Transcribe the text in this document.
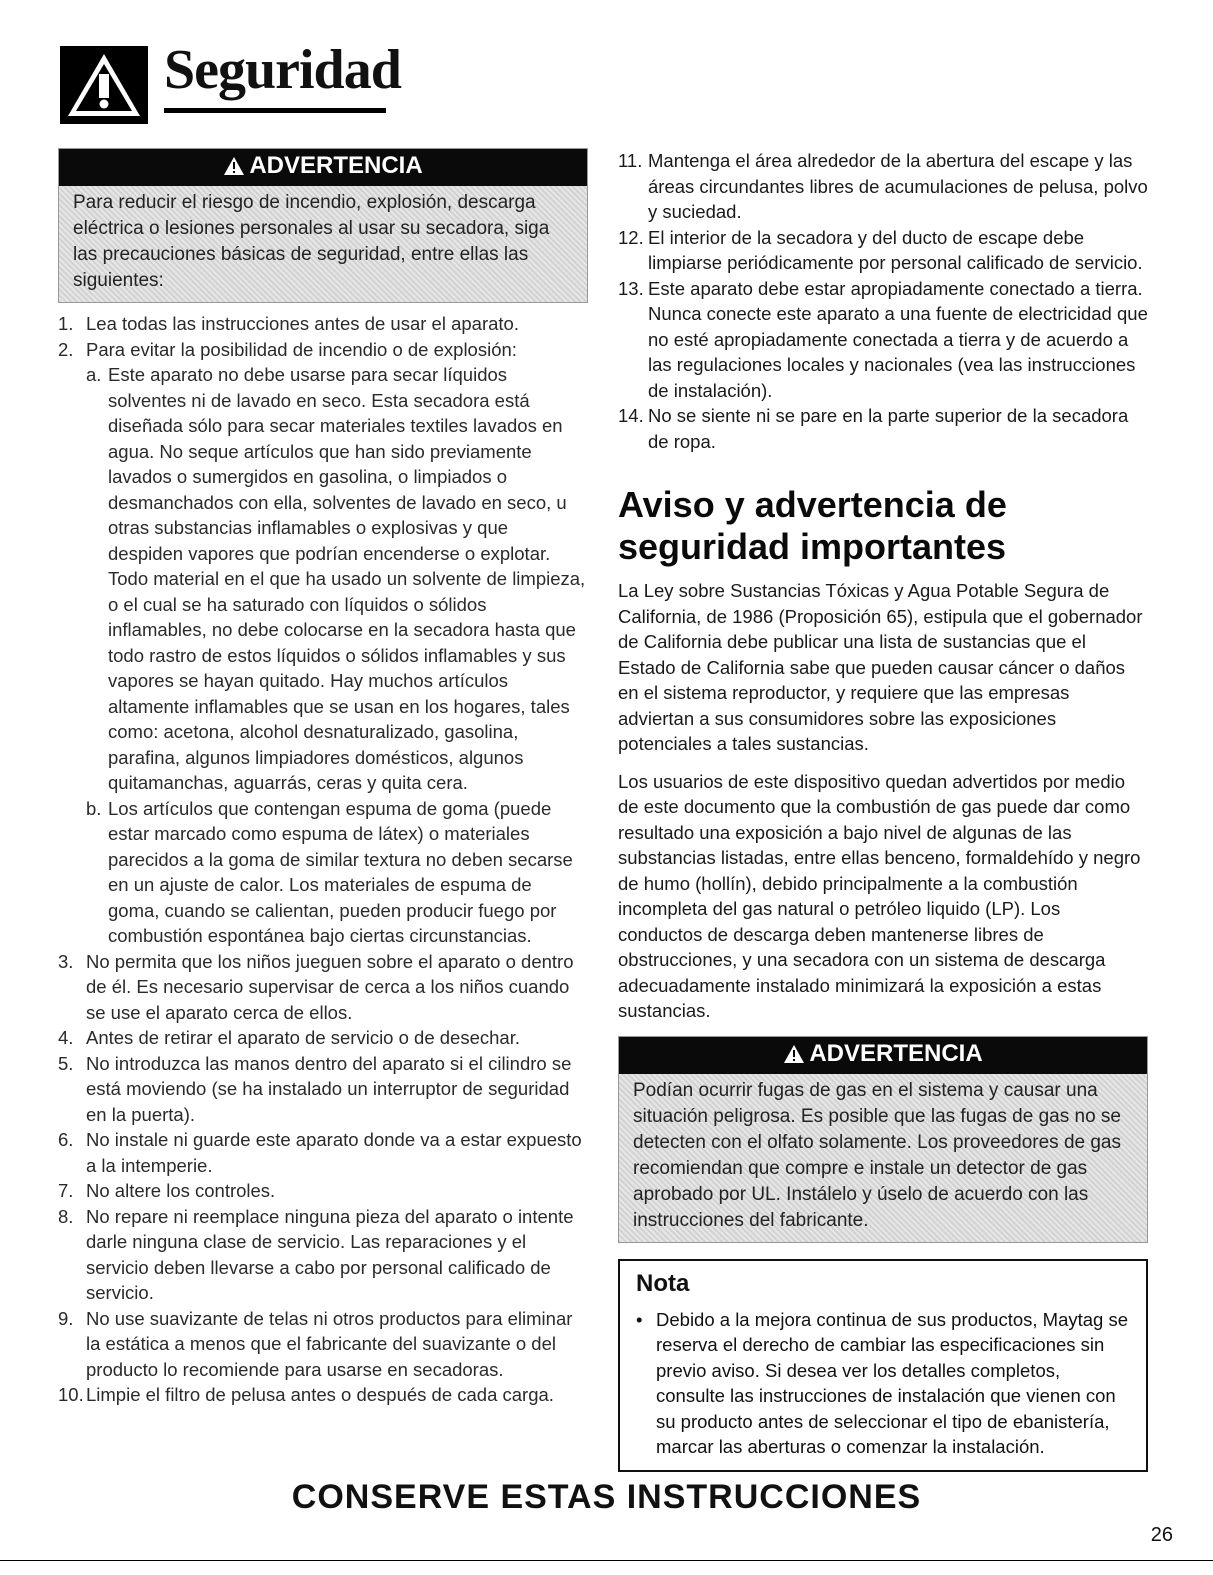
Seguridad
ADVERTENCIA
Para reducir el riesgo de incendio, explosión, descarga eléctrica o lesiones personales al usar su secadora, siga las precauciones básicas de seguridad, entre ellas las siguientes:
1. Lea todas las instrucciones antes de usar el aparato.
2. Para evitar la posibilidad de incendio o de explosión:
a. Este aparato no debe usarse para secar líquidos solventes ni de lavado en seco. Esta secadora está diseñada sólo para secar materiales textiles lavados en agua. No seque artículos que han sido previamente lavados o sumergidos en gasolina, o limpiados o desmanchados con ella, solventes de lavado en seco, u otras substancias inflamables o explosivas y que despiden vapores que podrían encenderse o explotar. Todo material en el que ha usado un solvente de limpieza, o el cual se ha saturado con líquidos o sólidos inflamables, no debe colocarse en la secadora hasta que todo rastro de estos líquidos o sólidos inflamables y sus vapores se hayan quitado. Hay muchos artículos altamente inflamables que se usan en los hogares, tales como: acetona, alcohol desnaturalizado, gasolina, parafina, algunos limpiadores domésticos, algunos quitamanchas, aguarrás, ceras y quita cera.
b. Los artículos que contengan espuma de goma (puede estar marcado como espuma de látex) o materiales parecidos a la goma de similar textura no deben secarse en un ajuste de calor. Los materiales de espuma de goma, cuando se calientan, pueden producir fuego por combustión espontánea bajo ciertas circunstancias.
3. No permita que los niños jueguen sobre el aparato o dentro de él. Es necesario supervisar de cerca a los niños cuando se use el aparato cerca de ellos.
4. Antes de retirar el aparato de servicio o de desechar.
5. No introduzca las manos dentro del aparato si el cilindro se está moviendo (se ha instalado un interruptor de seguridad en la puerta).
6. No instale ni guarde este aparato donde va a estar expuesto a la intemperie.
7. No altere los controles.
8. No repare ni reemplace ninguna pieza del aparato o intente darle ninguna clase de servicio. Las reparaciones y el servicio deben llevarse a cabo por personal calificado de servicio.
9. No use suavizante de telas ni otros productos para eliminar la estática a menos que el fabricante del suavizante o del producto lo recomiende para usarse en secadoras.
10. Limpie el filtro de pelusa antes o después de cada carga.
11. Mantenga el área alrededor de la abertura del escape y las áreas circundantes libres de acumulaciones de pelusa, polvo y suciedad.
12. El interior de la secadora y del ducto de escape debe limpiarse periódicamente por personal calificado de servicio.
13. Este aparato debe estar apropiadamente conectado a tierra. Nunca conecte este aparato a una fuente de electricidad que no esté apropiadamente conectada a tierra y de acuerdo a las regulaciones locales y nacionales (vea las instrucciones de instalación).
14. No se siente ni se pare en la parte superior de la secadora de ropa.
Aviso y advertencia de seguridad importantes

La Ley sobre Sustancias Tóxicas y Agua Potable Segura de California, de 1986 (Proposición 65), estipula que el gobernador de California debe publicar una lista de sustancias que el Estado de California sabe que pueden causar cáncer o daños en el sistema reproductor, y requiere que las empresas adviertan a sus consumidores sobre las exposiciones potenciales a tales sustancias.

Los usuarios de este dispositivo quedan advertidos por medio de este documento que la combustión de gas puede dar como resultado una exposición a bajo nivel de algunas de las substancias listadas, entre ellas benceno, formaldehído y negro de humo (hollín), debido principalmente a la combustión incompleta del gas natural o petróleo liquido (LP). Los conductos de descarga deben mantenerse libres de obstrucciones, y una secadora con un sistema de descarga adecuadamente instalado minimizará la exposición a estas sustancias.

ADVERTENCIA
Podían ocurrir fugas de gas en el sistema y causar una situación peligrosa. Es posible que las fugas de gas no se detecten con el olfato solamente. Los proveedores de gas recomiendan que compre e instale un detector de gas aprobado por UL. Instálelo y úselo de acuerdo con las instrucciones del fabricante.
Nota
• Debido a la mejora continua de sus productos, Maytag se reserva el derecho de cambiar las especificaciones sin previo aviso. Si desea ver los detalles completos, consulte las instrucciones de instalación que vienen con su producto antes de seleccionar el tipo de ebanistería, marcar las aberturas o comenzar la instalación.
CONSERVE ESTAS INSTRUCCIONES
26
